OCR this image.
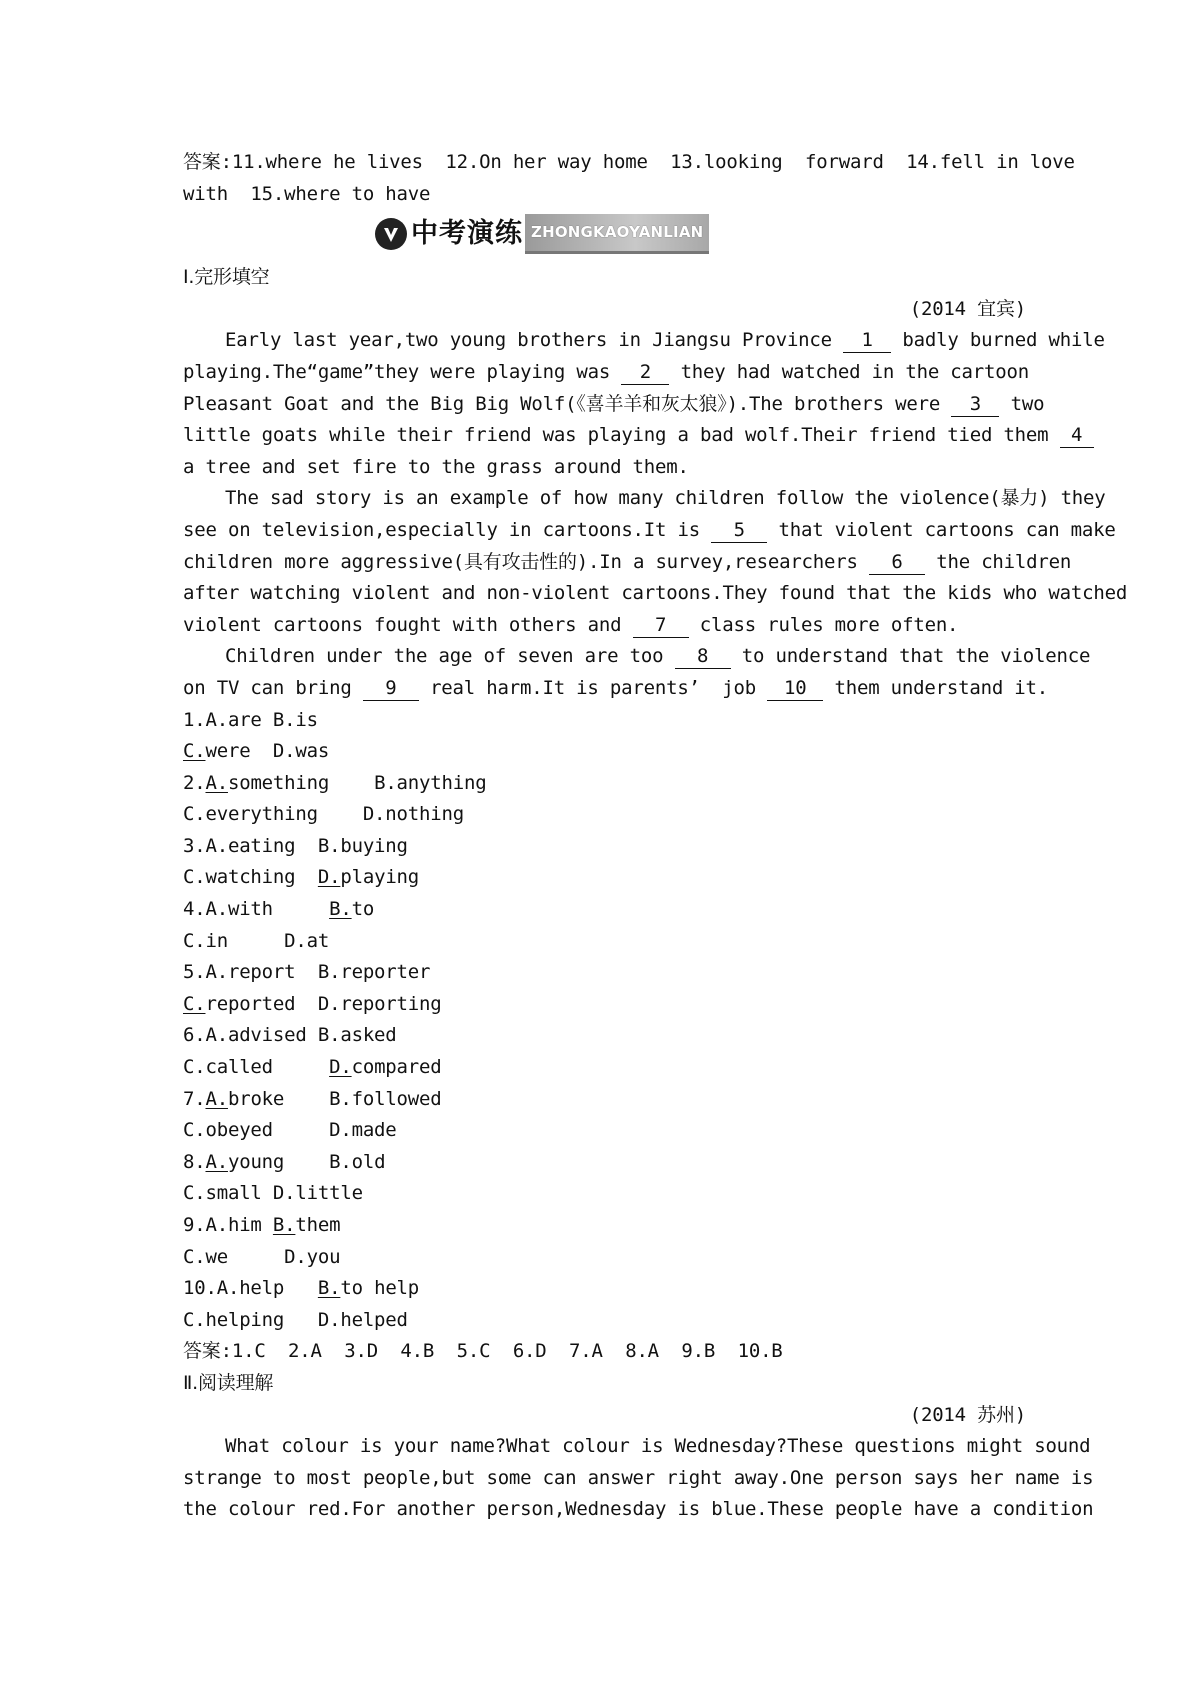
答案:11.where he lives  12.On her way home  13.looking  forward  14.fell in love
with  15.where to have
中考演练 ZHONGKAOYANLIAN
Ⅰ.完形填空
(2014 宜宾)
Early last year,two young brothers in Jiangsu Province 1 badly burned while
playing.The“game”they were playing was 2 they had watched in the cartoon
Pleasant Goat and the Big Big Wolf(《喜羊羊和灰太狼》).The brothers were 3 two
little goats while their friend was playing a bad wolf.Their friend tied them 4
a tree and set fire to the grass around them.
The sad story is an example of how many children follow the violence(暴力) they
see on television,especially in cartoons.It is 5 that violent cartoons can make
children more aggressive(具有攻击性的).In a survey,researchers 6 the children
after watching violent and non-violent cartoons.They found that the kids who watched
violent cartoons fought with others and 7 class rules more often.
Children under the age of seven are too 8 to understand that the violence
on TV can bring 9 real harm.It is parents’  job 10 them understand it.
1.A.are B.is
C.were  D.was
2.A.something    B.anything
C.everything    D.nothing
3.A.eating  B.buying
C.watching  D.playing
4.A.with     B.to
C.in     D.at
5.A.report  B.reporter
C.reported  D.reporting
6.A.advised B.asked
C.called     D.compared
7.A.broke    B.followed
C.obeyed     D.made
8.A.young    B.old
C.small D.little
9.A.him B.them
C.we     D.you
10.A.help   B.to help
C.helping   D.helped
答案:1.C  2.A  3.D  4.B  5.C  6.D  7.A  8.A  9.B  10.B
Ⅱ.阅读理解
(2014 苏州)
What colour is your name?What colour is Wednesday?These questions might sound
strange to most people,but some can answer right away.One person says her name is
the colour red.For another person,Wednesday is blue.These people have a condition
